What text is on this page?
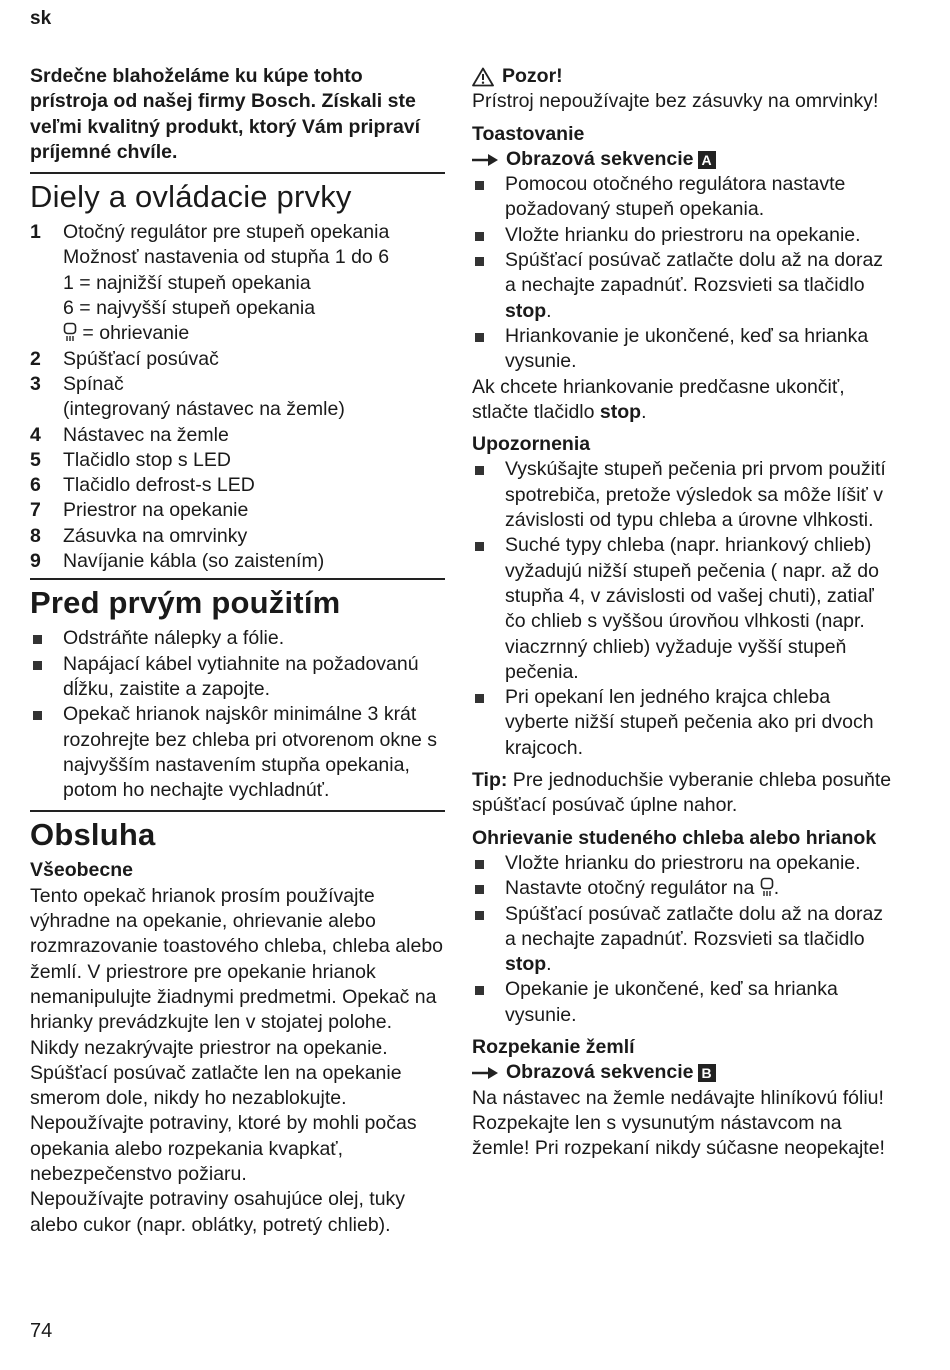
sk

Srdečne blahoželáme ku kúpe tohto prístroja od našej firmy Bosch. Získali ste veľmi kvalitný produkt, ktorý Vám pripraví príjemné chvíle.

Diely a ovládacie prvky
1 Otočný regulátor pre stupeň opekania
Možnosť nastavenia od stupňa 1 do 6
1 = najnižší stupeň opekania
6 = najvyšší stupeň opekania
= ohrievanie
2 Spúšťací posúvač
3 Spínač
(integrovaný nástavec na žemle)
4 Nástavec na žemle
5 Tlačidlo stop s LED
6 Tlačidlo defrost-s LED
7 Priestror na opekanie
8 Zásuvka na omrvinky
9 Navíjanie kábla (so zaistením)
Pred prvým použitím
Odstráňte nálepky a fólie.
Napájací kábel vytiahnite na požadovanú dĺžku, zaistite a zapojte.
Opekač hrianok najskôr minimálne 3 krát rozohrejte bez chleba pri otvorenom okne s najvyšším nastavením stupňa opekania, potom ho nechajte vychladnúť.
Obsluha

Všeobecne

Tento opekač hrianok prosím používajte výhradne na opekanie, ohrievanie alebo rozmrazovanie toastového chleba, chleba alebo žemlí. V priestrore pre opekanie hrianok nemanipulujte žiadnymi predmetmi. Opekač na hrianky prevádzkujte len v stojatej polohe. Nikdy nezakrývajte priestror na opekanie. Spúšťací posúvač zatlačte len na opekanie smerom dole, nikdy ho nezablokujte.

Nepoužívajte potraviny, ktoré by mohli počas opekania alebo rozpekania kvapkať, nebezpečenstvo požiaru.

Nepoužívajte potraviny osahujúce olej, tuky alebo cukor (napr. oblátky, potretý chlieb).

Pozor!

Prístroj nepoužívajte bez zásuvky na omrvinky!

Toastovanie

Obrazová sekvencie A
Pomocou otočného regulátora nastavte požadovaný stupeň opekania.
Vložte hrianku do priestroru na opekanie.
Spúšťací posúvač zatlačte dolu až na doraz a nechajte zapadnúť. Rozsvieti sa tlačidlo stop.
Hriankovanie je ukončené, keď sa hrianka vysunie.

Ak chcete hriankovanie predčasne ukončiť, stlačte tlačidlo stop.

Upozornenia

Vyskúšajte stupeň pečenia pri prvom použití spotrebiča, pretože výsledok sa môže líšiť v závislosti od typu chleba a úrovne vlhkosti.
Suché typy chleba (napr. hriankový chlieb) vyžadujú nižší stupeň pečenia ( napr. až do stupňa 4, v závislosti od vašej chuti), zatiaľ čo chlieb s vyššou úrovňou vlhkosti (napr. viaczrnný chlieb) vyžaduje vyšší stupeň pečenia.
Pri opekaní len jedného krajca chleba vyberte nižší stupeň pečenia ako pri dvoch krajcoch.

Tip: Pre jednoduchšie vyberanie chleba posuňte spúšťací posúvač úplne nahor.

Ohrievanie studeného chleba alebo hrianok

Vložte hrianku do priestroru na opekanie.
Nastavte otočný regulátor na .
Spúšťací posúvač zatlačte dolu až na doraz a nechajte zapadnúť. Rozsvieti sa tlačidlo stop.
Opekanie je ukončené, keď sa hrianka vysunie.

Rozpekanie žemlí

Obrazová sekvencie B

Na nástavec na žemle nedávajte hliníkovú fóliu! Rozpekajte len s vysunutým nástavcom na žemle! Pri rozpekaní nikdy súčasne neopekajte!

74
